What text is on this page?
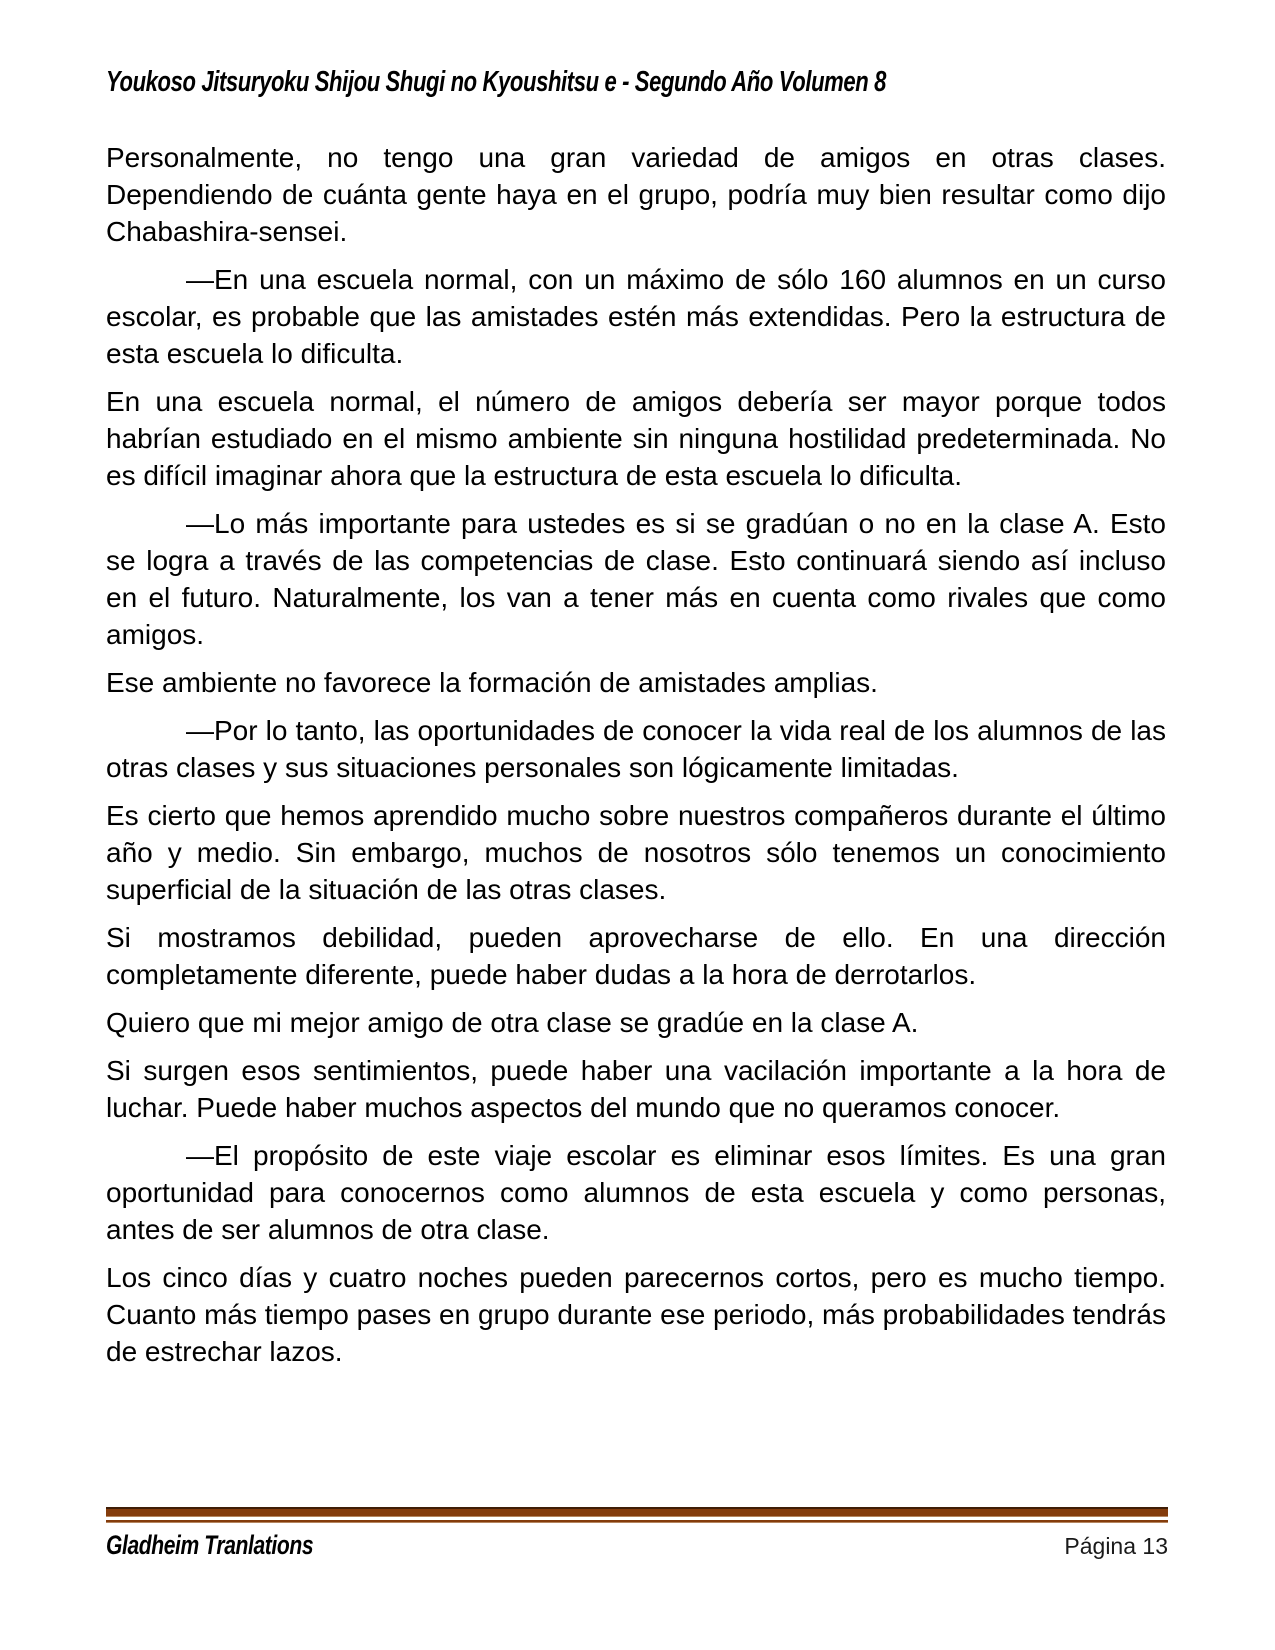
Youkoso Jitsuryoku Shijou Shugi no Kyoushitsu e - Segundo Año Volumen 8

Personalmente, no tengo una gran variedad de amigos en otras clases. Dependiendo de cuánta gente haya en el grupo, podría muy bien resultar como dijo Chabashira-sensei.

—En una escuela normal, con un máximo de sólo 160 alumnos en un curso escolar, es probable que las amistades estén más extendidas. Pero la estructura de esta escuela lo dificulta.

En una escuela normal, el número de amigos debería ser mayor porque todos habrían estudiado en el mismo ambiente sin ninguna hostilidad predeterminada. No es difícil imaginar ahora que la estructura de esta escuela lo dificulta.

—Lo más importante para ustedes es si se gradúan o no en la clase A. Esto se logra a través de las competencias de clase. Esto continuará siendo así incluso en el futuro. Naturalmente, los van a tener más en cuenta como rivales que como amigos.

Ese ambiente no favorece la formación de amistades amplias.

—Por lo tanto, las oportunidades de conocer la vida real de los alumnos de las otras clases y sus situaciones personales son lógicamente limitadas.

Es cierto que hemos aprendido mucho sobre nuestros compañeros durante el último año y medio. Sin embargo, muchos de nosotros sólo tenemos un conocimiento superficial de la situación de las otras clases.

Si mostramos debilidad, pueden aprovecharse de ello. En una dirección completamente diferente, puede haber dudas a la hora de derrotarlos.

Quiero que mi mejor amigo de otra clase se gradúe en la clase A.

Si surgen esos sentimientos, puede haber una vacilación importante a la hora de luchar. Puede haber muchos aspectos del mundo que no queramos conocer.

—El propósito de este viaje escolar es eliminar esos límites. Es una gran oportunidad para conocernos como alumnos de esta escuela y como personas, antes de ser alumnos de otra clase.

Los cinco días y cuatro noches pueden parecernos cortos, pero es mucho tiempo. Cuanto más tiempo pases en grupo durante ese periodo, más probabilidades tendrás de estrechar lazos.

Gladheim Tranlations	Página 13
